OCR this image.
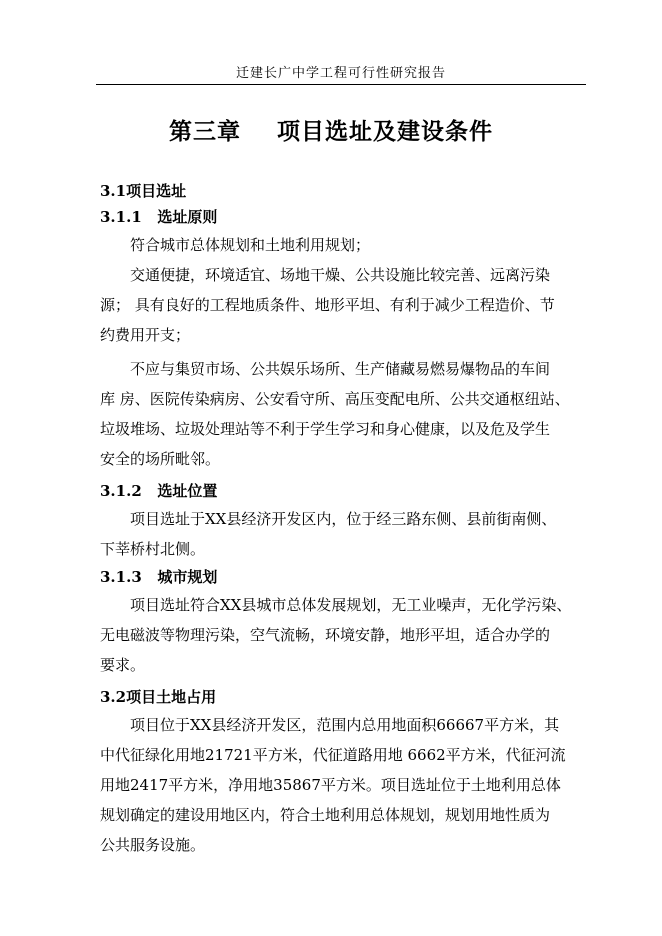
迁建长广中学工程可行性研究报告
第三章    项目选址及建设条件
3.1项目选址
3.1.1   选址原则

符合城市总体规划和土地利用规划；

交通便捷，环境适宜、场地干燥、公共设施比较完善、远离污染
源； 具有良好的工程地质条件、地形平坦、有利于减少工程造价、节
约费用开支；

不应与集贸市场、公共娱乐场所、生产储藏易燃易爆物品的车间
库 房、医院传染病房、公安看守所、高压变配电所、公共交通枢纽站、
垃圾堆场、垃圾处理站等不利于学生学习和身心健康，以及危及学生
安全的场所毗邻。

3.1.2   选址位置

项目选址于XX县经济开发区内，位于经三路东侧、县前街南侧、
下莘桥村北侧。

3.1.3   城市规划

项目选址符合XX县城市总体发展规划，无工业噪声，无化学污染、
无电磁波等物理污染，空气流畅，环境安静，地形平坦，适合办学的
要求。

3.2项目土地占用

项目位于XX县经济开发区，范围内总用地面积66667平方米，其
中代征绿化用地21721平方米，代征道路用地 6662平方米，代征河流
用地2417平方米，净用地35867平方米。项目选址位于土地利用总体
规划确定的建设用地区内，符合土地利用总体规划，规划用地性质为
公共服务设施。
